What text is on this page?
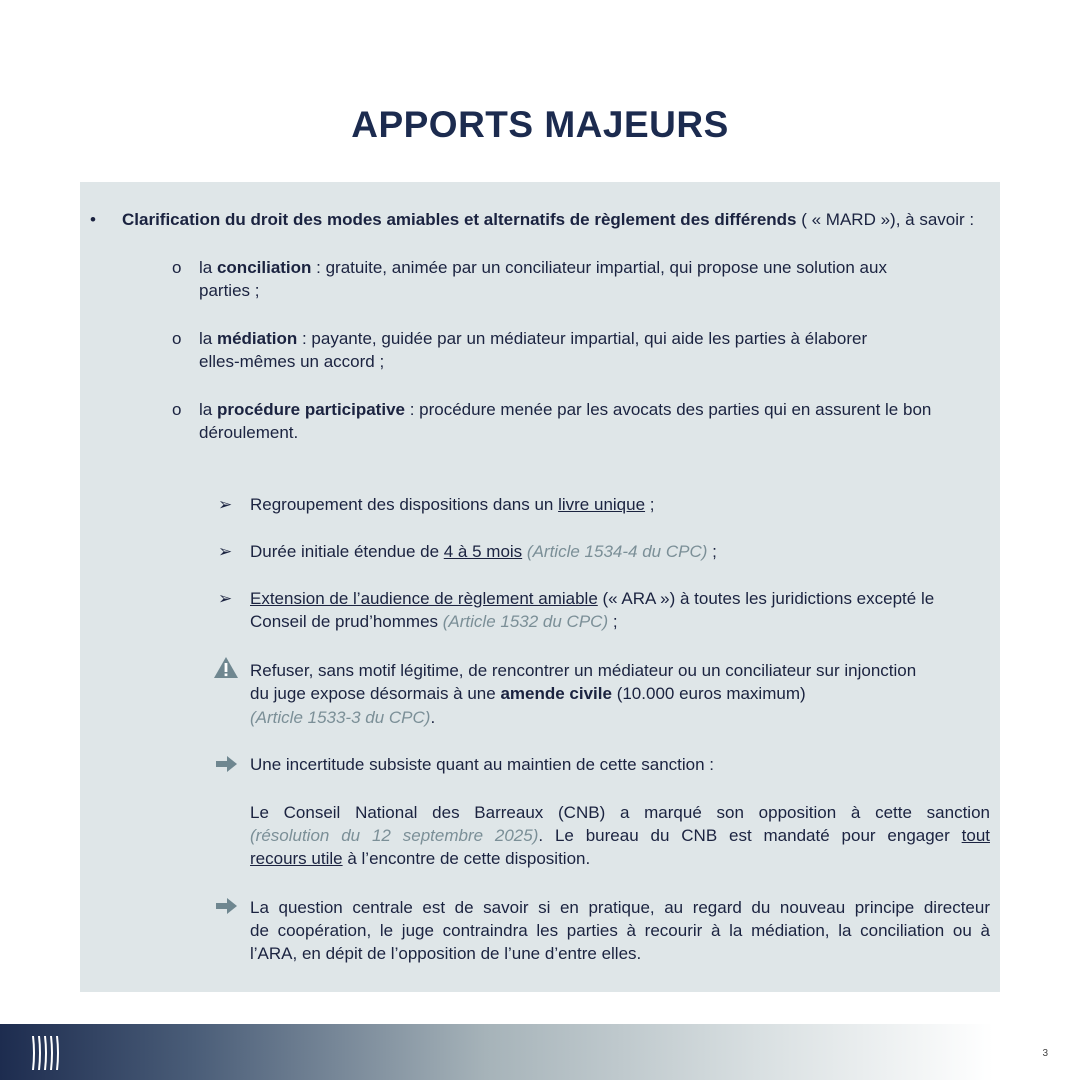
APPORTS MAJEURS
• Clarification du droit des modes amiables et alternatifs de règlement des différends ( « MARD »), à savoir :
o la conciliation : gratuite, animée par un conciliateur impartial, qui propose une solution aux
parties ;
o la médiation : payante, guidée par un médiateur impartial, qui aide les parties à élaborer
elles-mêmes un accord ;
o la procédure participative : procédure menée par les avocats des parties qui en assurent le bon
déroulement.
➢ Regroupement des dispositions dans un livre unique ;
➢ Durée initiale étendue de 4 à 5 mois (Article 1534-4 du CPC) ;
➢ Extension de l’audience de règlement amiable (« ARA ») à toutes les juridictions excepté le
Conseil de prud’hommes (Article 1532 du CPC) ;
Refuser, sans motif légitime, de rencontrer un médiateur ou un conciliateur sur injonction
du juge expose désormais à une amende civile (10.000 euros maximum)
(Article 1533-3 du CPC).
Une incertitude subsiste quant au maintien de cette sanction :
Le Conseil National des Barreaux (CNB) a marqué son opposition à cette sanction
(résolution du 12 septembre 2025). Le bureau du CNB est mandaté pour engager tout
recours utile à l’encontre de cette disposition.
La question centrale est de savoir si en pratique, au regard du nouveau principe directeur
de coopération, le juge contraindra les parties à recourir à la médiation, la conciliation ou à
l’ARA, en dépit de l’opposition de l’une d’entre elles.
3
